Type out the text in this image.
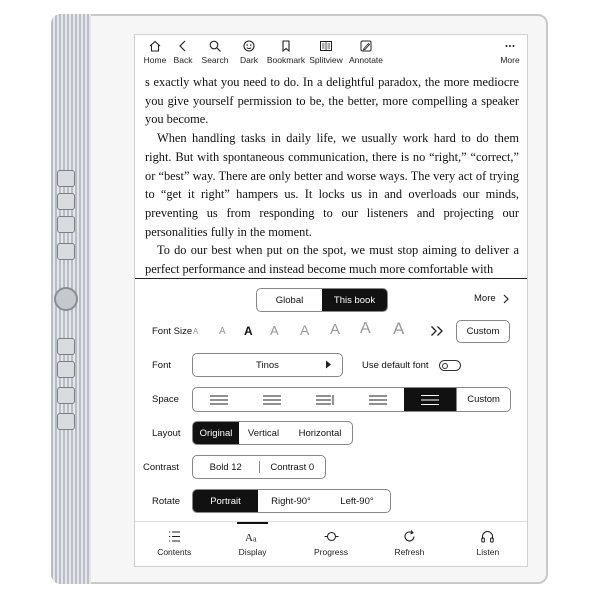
Home Back Search Dark Bookmark Splitview Annotate	More

s exactly what you need to do. In a delightful paradox, the more mediocre you give yourself permission to be, the better, more compelling a speaker you become.

When handling tasks in daily life, we usually work hard to do them right. But with spontaneous communication, there is no “right,” “correct,” or “best” way. There are only better and worse ways. The very act of trying to “get it right” hampers us. It locks us in and overloads our minds, preventing us from responding to our listeners and projecting our personalities fully in the moment.

To do our best when put on the spot, we must stop aiming to deliver a perfect performance and instead become much more comfortable with

Global	This book	More
Font Size A A A A A A A A	Custom
Font	Tinos	Use default font
Space	Custom
Layout	Original	Vertical	Horizontal
Contrast	Bold 12	Contrast 0
Rotate	Portrait	Right-90°	Left-90°
Contents
A a
Display	Progress	Refresh	Listen
